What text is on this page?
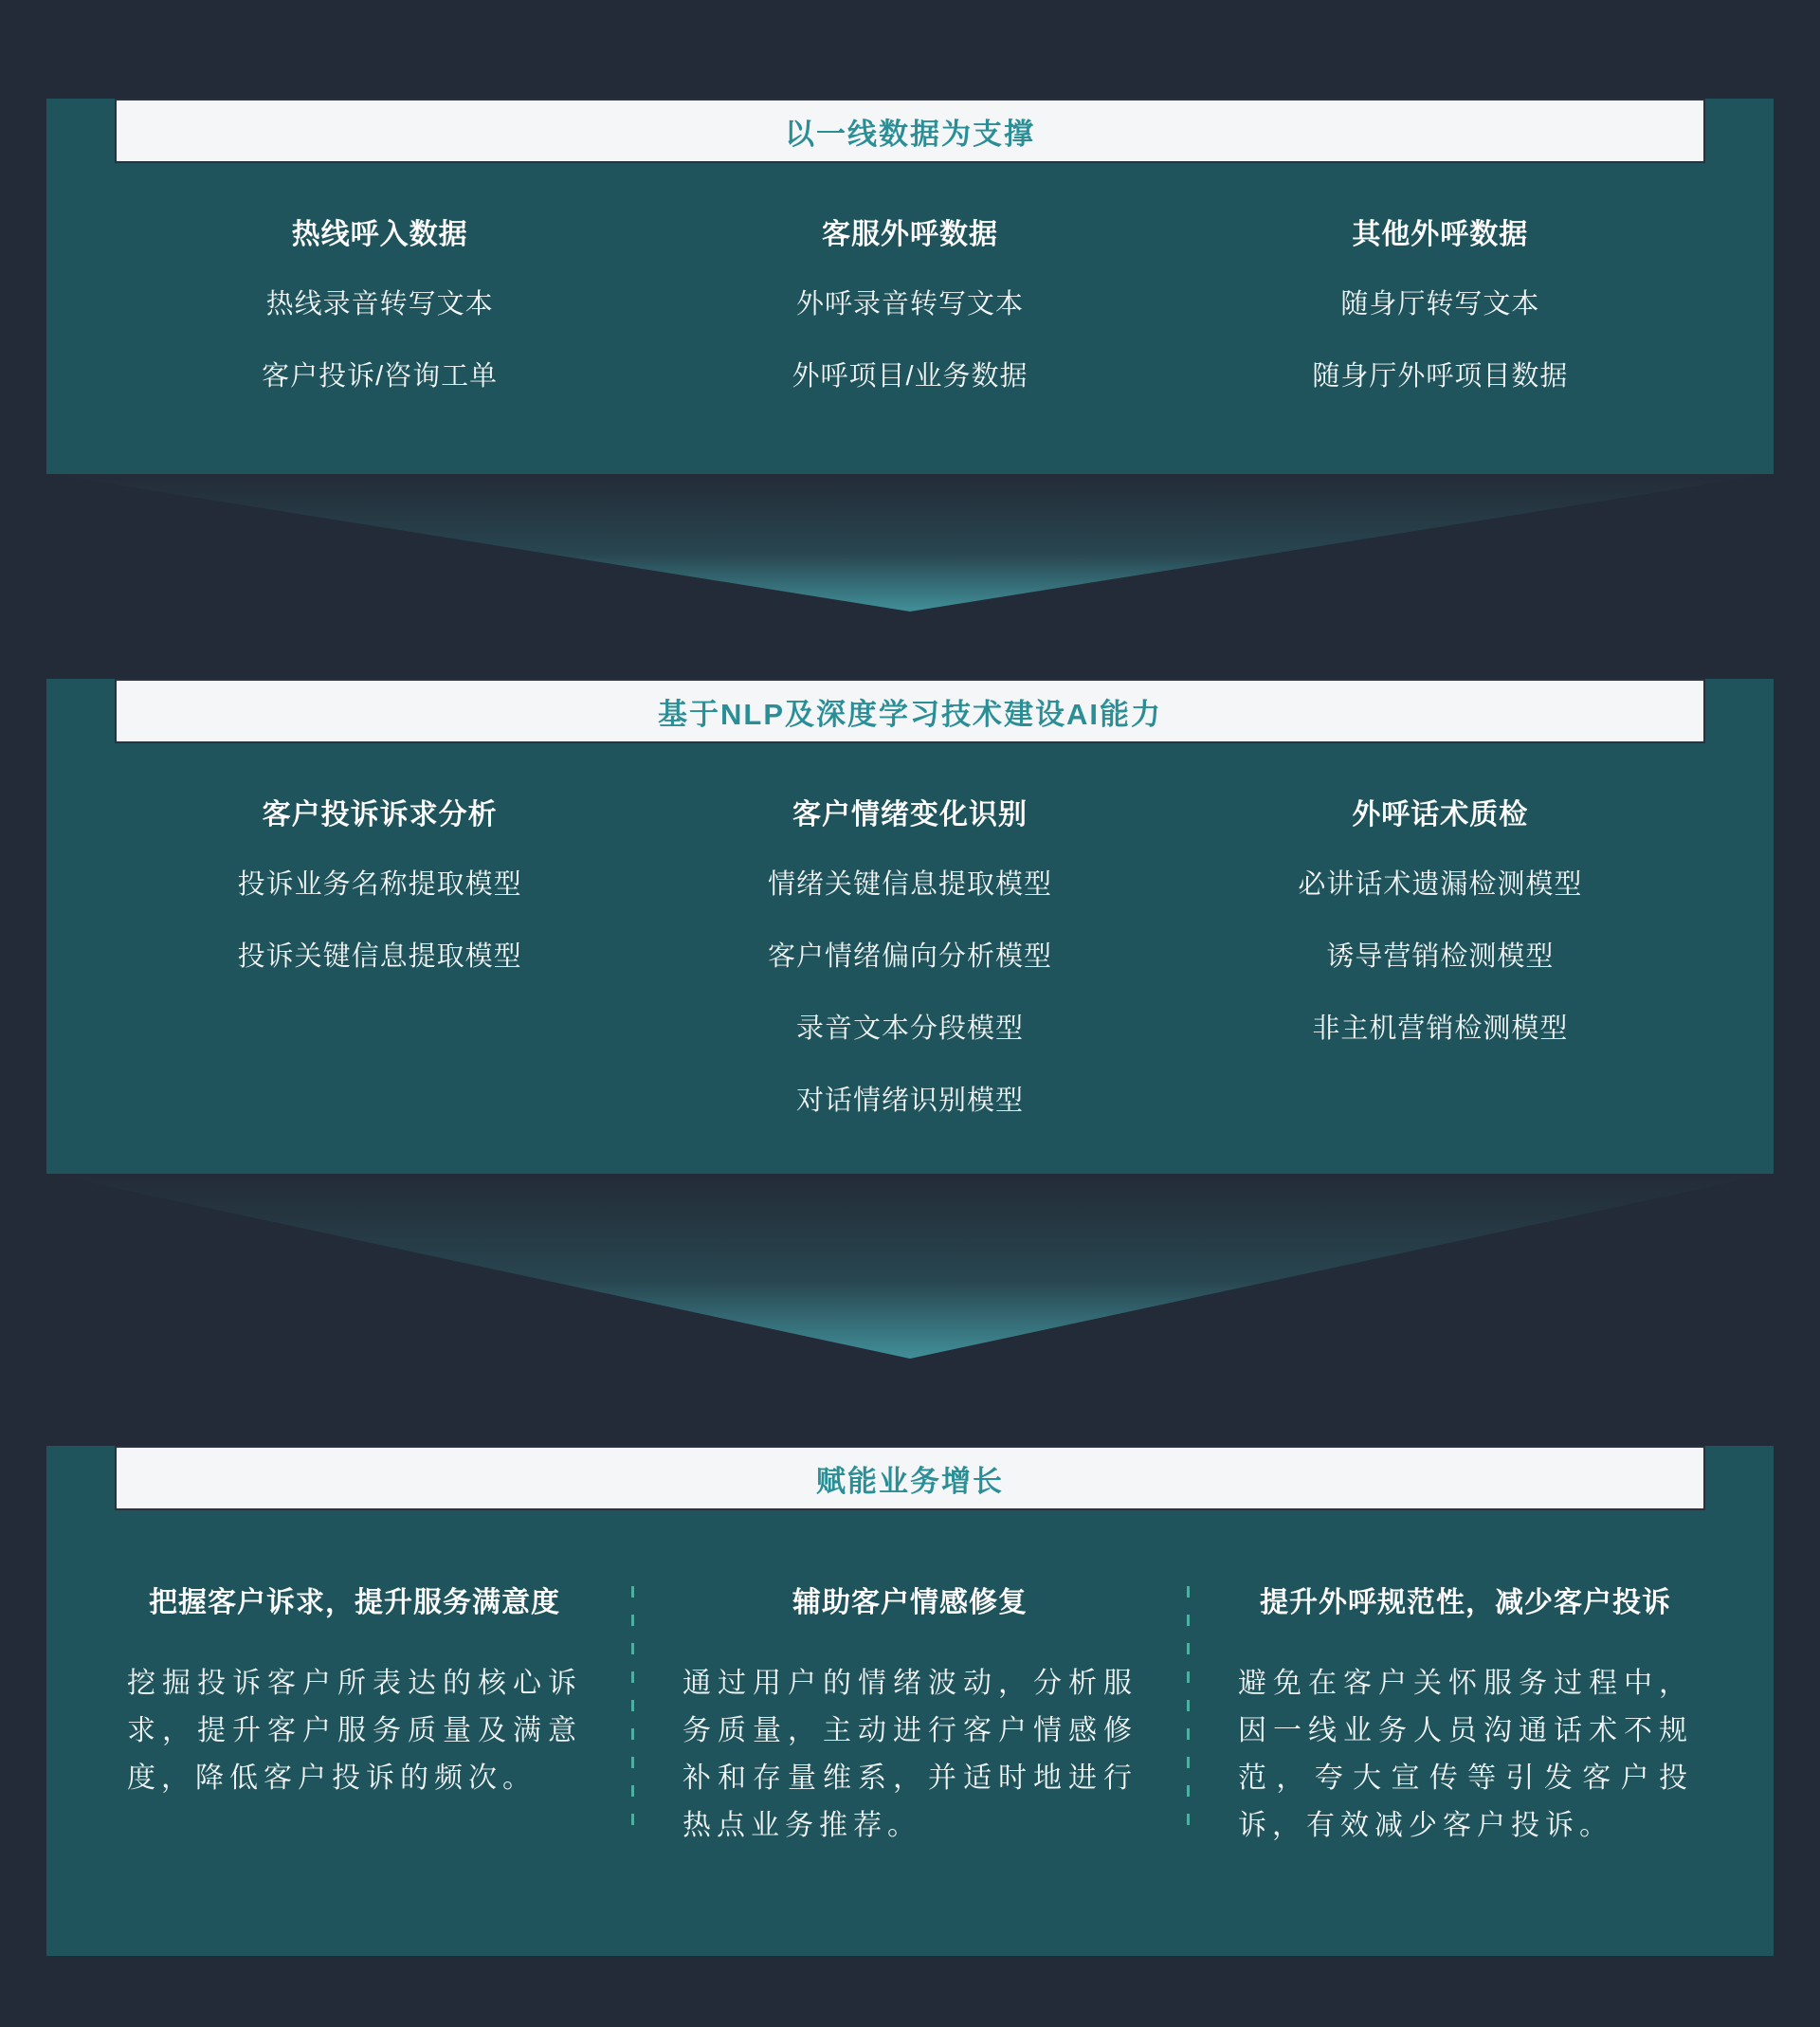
以一线数据为支撑
热线呼入数据
热线录音转写文本
客户投诉/咨询工单
客服外呼数据
外呼录音转写文本
外呼项目/业务数据
其他外呼数据
随身厅转写文本
随身厅外呼项目数据
基于NLP及深度学习技术建设AI能力
客户投诉诉求分析
投诉业务名称提取模型
投诉关键信息提取模型
客户情绪变化识别
情绪关键信息提取模型
客户情绪偏向分析模型
录音文本分段模型
对话情绪识别模型
外呼话术质检
必讲话术遗漏检测模型
诱导营销检测模型
非主机营销检测模型
赋能业务增长
把握客户诉求，提升服务满意度

挖掘投诉客户所表达的核心诉求，提升客户服务质量及满意度，降低客户投诉的频次。

辅助客户情感修复

通过用户的情绪波动，分析服务质量，主动进行客户情感修补和存量维系，并适时地进行热点业务推荐。

提升外呼规范性，减少客户投诉

避免在客户关怀服务过程中，因一线业务人员沟通话术不规范，夸大宣传等引发客户投诉，有效减少客户投诉。
